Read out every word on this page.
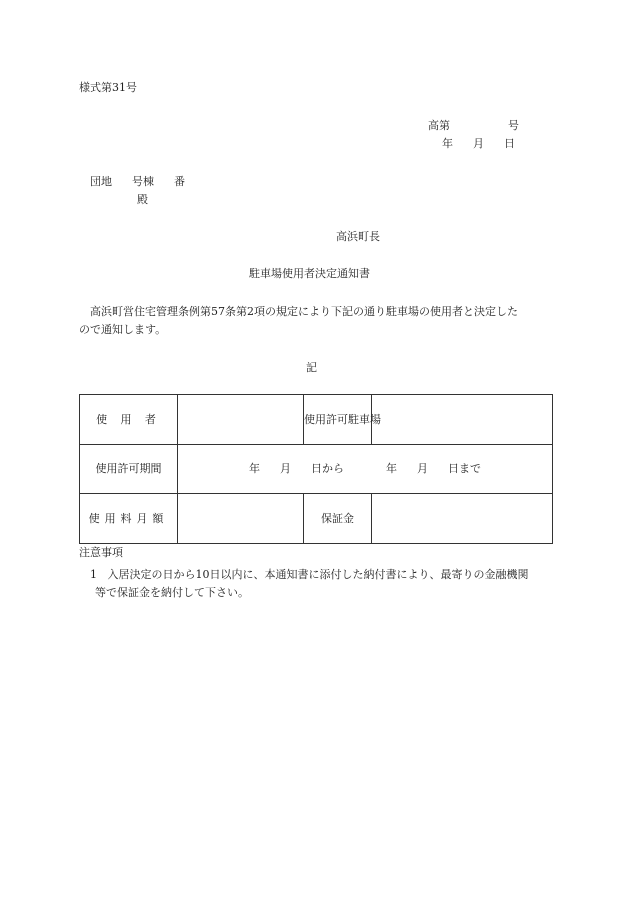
様式第31号
高第	号
年 月 日
団地 号棟 番
殿
高浜町長
駐車場使用者決定通知書
高浜町営住宅管理条例第57条第2項の規定により下記の通り駐車場の使用者と決定した
ので通知します。
記
使 用 者		使用許可駐車場	
使用許可期間	年 月 日から 年 月 日まで		
使用料月額		保証金	
注意事項
1 入居決定の日から10日以内に、本通知書に添付した納付書により、最寄りの金融機関
等で保証金を納付して下さい。
